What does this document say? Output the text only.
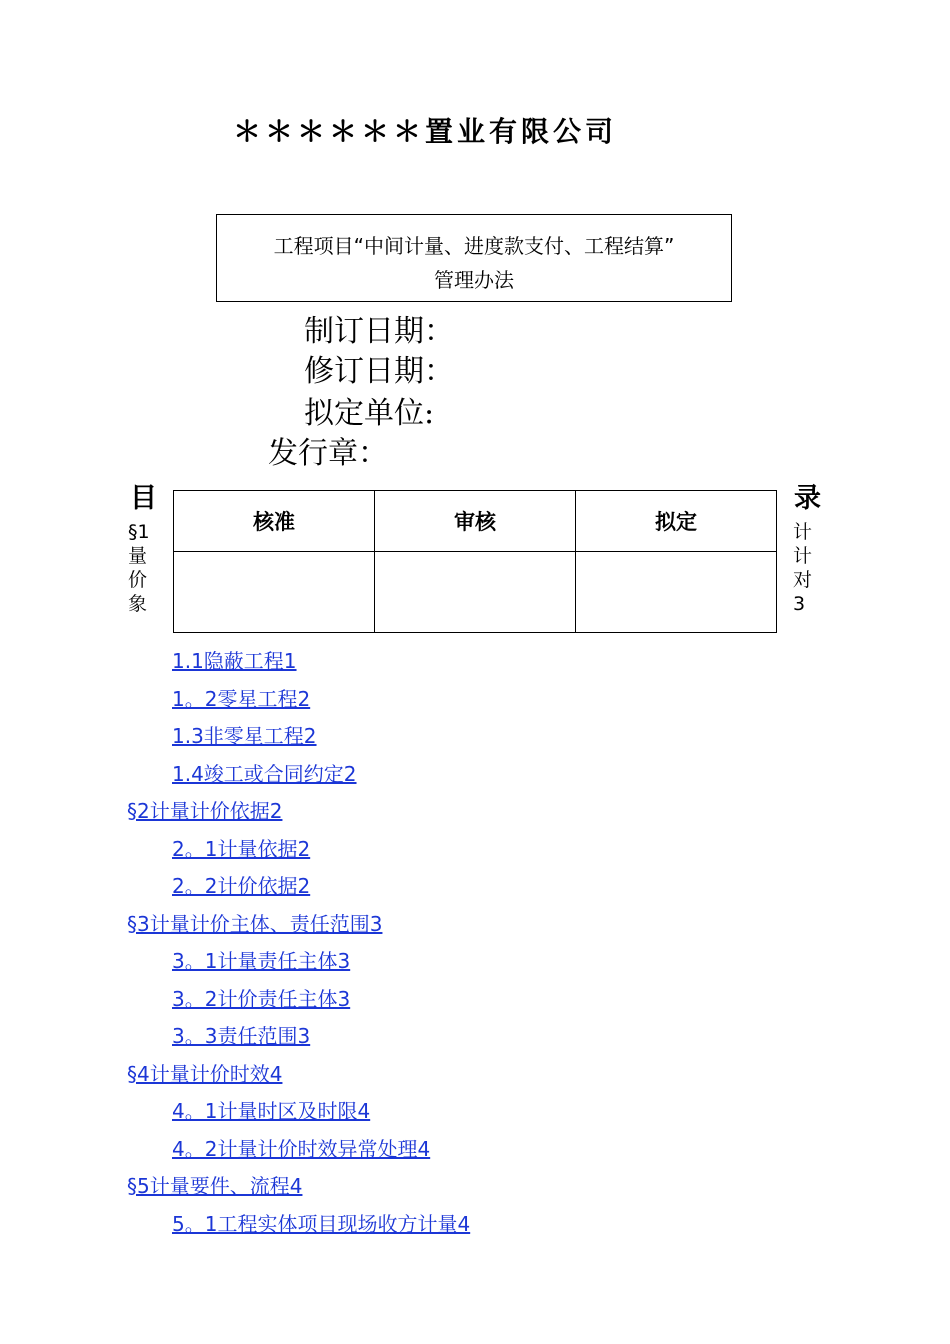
＊＊＊＊＊＊置业有限公司
工程项目“中间计量、进度款支付、工程结算”
管理办法
制订日期：
修订日期：
拟定单位:
发行章：
目	录
§1量价象
计计对3
核准	审核	拟定

1.1隐蔽工程1
1。2零星工程2
1.3非零星工程2
1.4竣工或合同约定2
§2计量计价依据2
2。1计量依据2
2。2计价依据2
§3计量计价主体、责任范围3
3。1计量责任主体3
3。2计价责任主体3
3。3责任范围3
§4计量计价时效4
4。1计量时区及时限4
4。2计量计价时效异常处理4
§5计量要件、流程4
5。1工程实体项目现场收方计量4
